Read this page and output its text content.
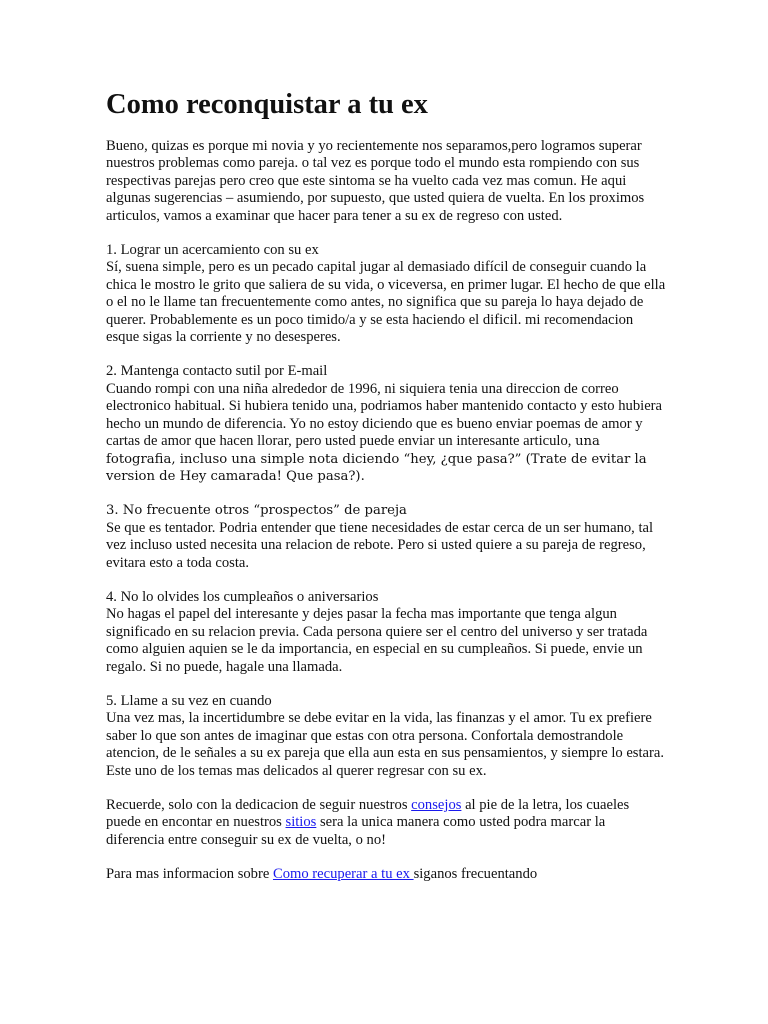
Como reconquistar a tu ex

Bueno, quizas es porque mi novia y yo recientemente nos separamos,pero logramos superar nuestros problemas como pareja. o tal vez es porque todo el mundo esta rompiendo con sus respectivas parejas pero creo que este sintoma se ha vuelto cada vez mas comun. He aqui algunas sugerencias – asumiendo, por supuesto, que usted quiera de vuelta. En los proximos articulos, vamos a examinar que hacer para tener a su ex de regreso con usted.

1. Lograr un acercamiento con su ex
Sí, suena simple, pero es un pecado capital jugar al demasiado difícil de conseguir cuando la chica le mostro le grito que saliera de su vida, o viceversa, en primer lugar. El hecho de que ella o el no le llame tan frecuentemente como antes, no significa que su pareja lo haya dejado de querer. Probablemente es un poco timido/a y se esta haciendo el dificil. mi recomendacion esque sigas la corriente y no desesperes.

2. Mantenga contacto sutil por E-mail
Cuando rompi con una niña alrededor de 1996, ni siquiera tenia una direccion de correo electronico habitual. Si hubiera tenido una, podriamos haber mantenido contacto y esto hubiera hecho un mundo de diferencia. Yo no estoy diciendo que es bueno enviar poemas de amor y cartas de amor que hacen llorar, pero usted puede enviar un interesante articulo, una fotografia, incluso una simple nota diciendo “hey, ¿que pasa?” (Trate de evitar la version de Hey camarada! Que pasa?).

3. No frecuente otros “prospectos” de pareja
Se que es tentador. Podria entender que tiene necesidades de estar cerca de un ser humano, tal vez incluso usted necesita una relacion de rebote. Pero si usted quiere a su pareja de regreso, evitara esto a toda costa.

4. No lo olvides los cumpleaños o aniversarios
No hagas el papel del interesante y dejes pasar la fecha mas importante que tenga algun significado en su relacion previa. Cada persona quiere ser el centro del universo y ser tratada como alguien aquien se le da importancia, en especial en su cumpleaños. Si puede, envie un regalo. Si no puede, hagale una llamada.

5. Llame a su vez en cuando
Una vez mas, la incertidumbre se debe evitar en la vida, las finanzas y el amor. Tu ex prefiere saber lo que son antes de imaginar que estas con otra persona. Confortala demostrandole atencion, de le señales a su ex pareja que ella aun esta en sus pensamientos, y siempre lo estara. Este uno de los temas mas delicados al querer regresar con su ex.

Recuerde, solo con la dedicacion de seguir nuestros consejos al pie de la letra, los cuaeles puede en encontar en nuestros sitios sera la unica manera como usted podra marcar la diferencia entre conseguir su ex de vuelta, o no!

Para mas informacion sobre Como recuperar a tu ex siganos frecuentando
